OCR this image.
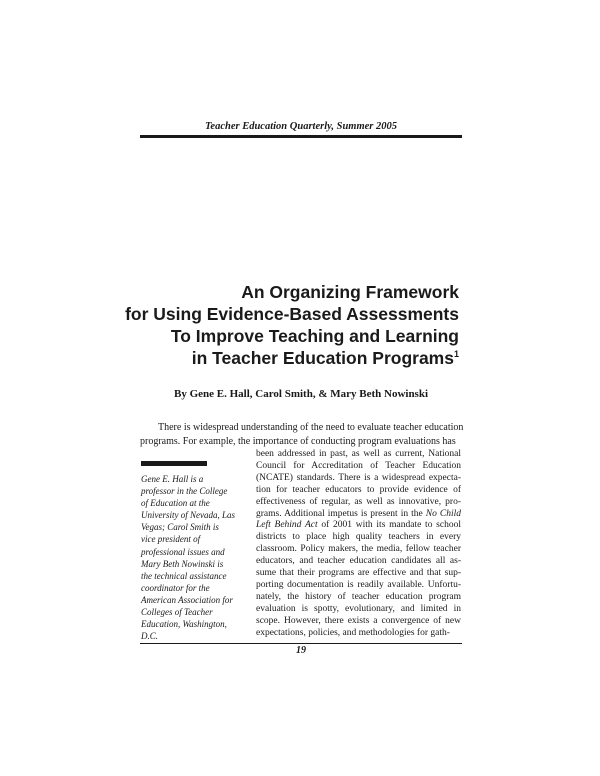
Teacher Education Quarterly, Summer 2005
An Organizing Framework
for Using Evidence-Based Assessments
To Improve Teaching and Learning
in Teacher Education Programs$^1$
By Gene E. Hall, Carol Smith, & Mary Beth Nowinski
There is widespread understanding of the need to evaluate teacher education
programs. For example, the importance of conducting program evaluations has
Gene E. Hall is a
professor in the College
of Education at the
University of Nevada, Las
Vegas; Carol Smith is
vice president of
professional issues and
Mary Beth Nowinski is
the technical assistance
coordinator for the
American Association for
Colleges of Teacher
Education, Washington,
D.C.
been addressed in past, as well as current, National
Council for Accreditation of Teacher Education
(NCATE) standards. There is a widespread expecta-
tion for teacher educators to provide evidence of
effectiveness of regular, as well as innovative, pro-
grams. Additional impetus is present in the No Child
Left Behind Act of 2001 with its mandate to school
districts to place high quality teachers in every
classroom. Policy makers, the media, fellow teacher
educators, and teacher education candidates all as-
sume that their programs are effective and that sup-
porting documentation is readily available. Unfortu-
nately, the history of teacher education program
evaluation is spotty, evolutionary, and limited in
scope. However, there exists a convergence of new
expectations, policies, and methodologies for gath-
19
